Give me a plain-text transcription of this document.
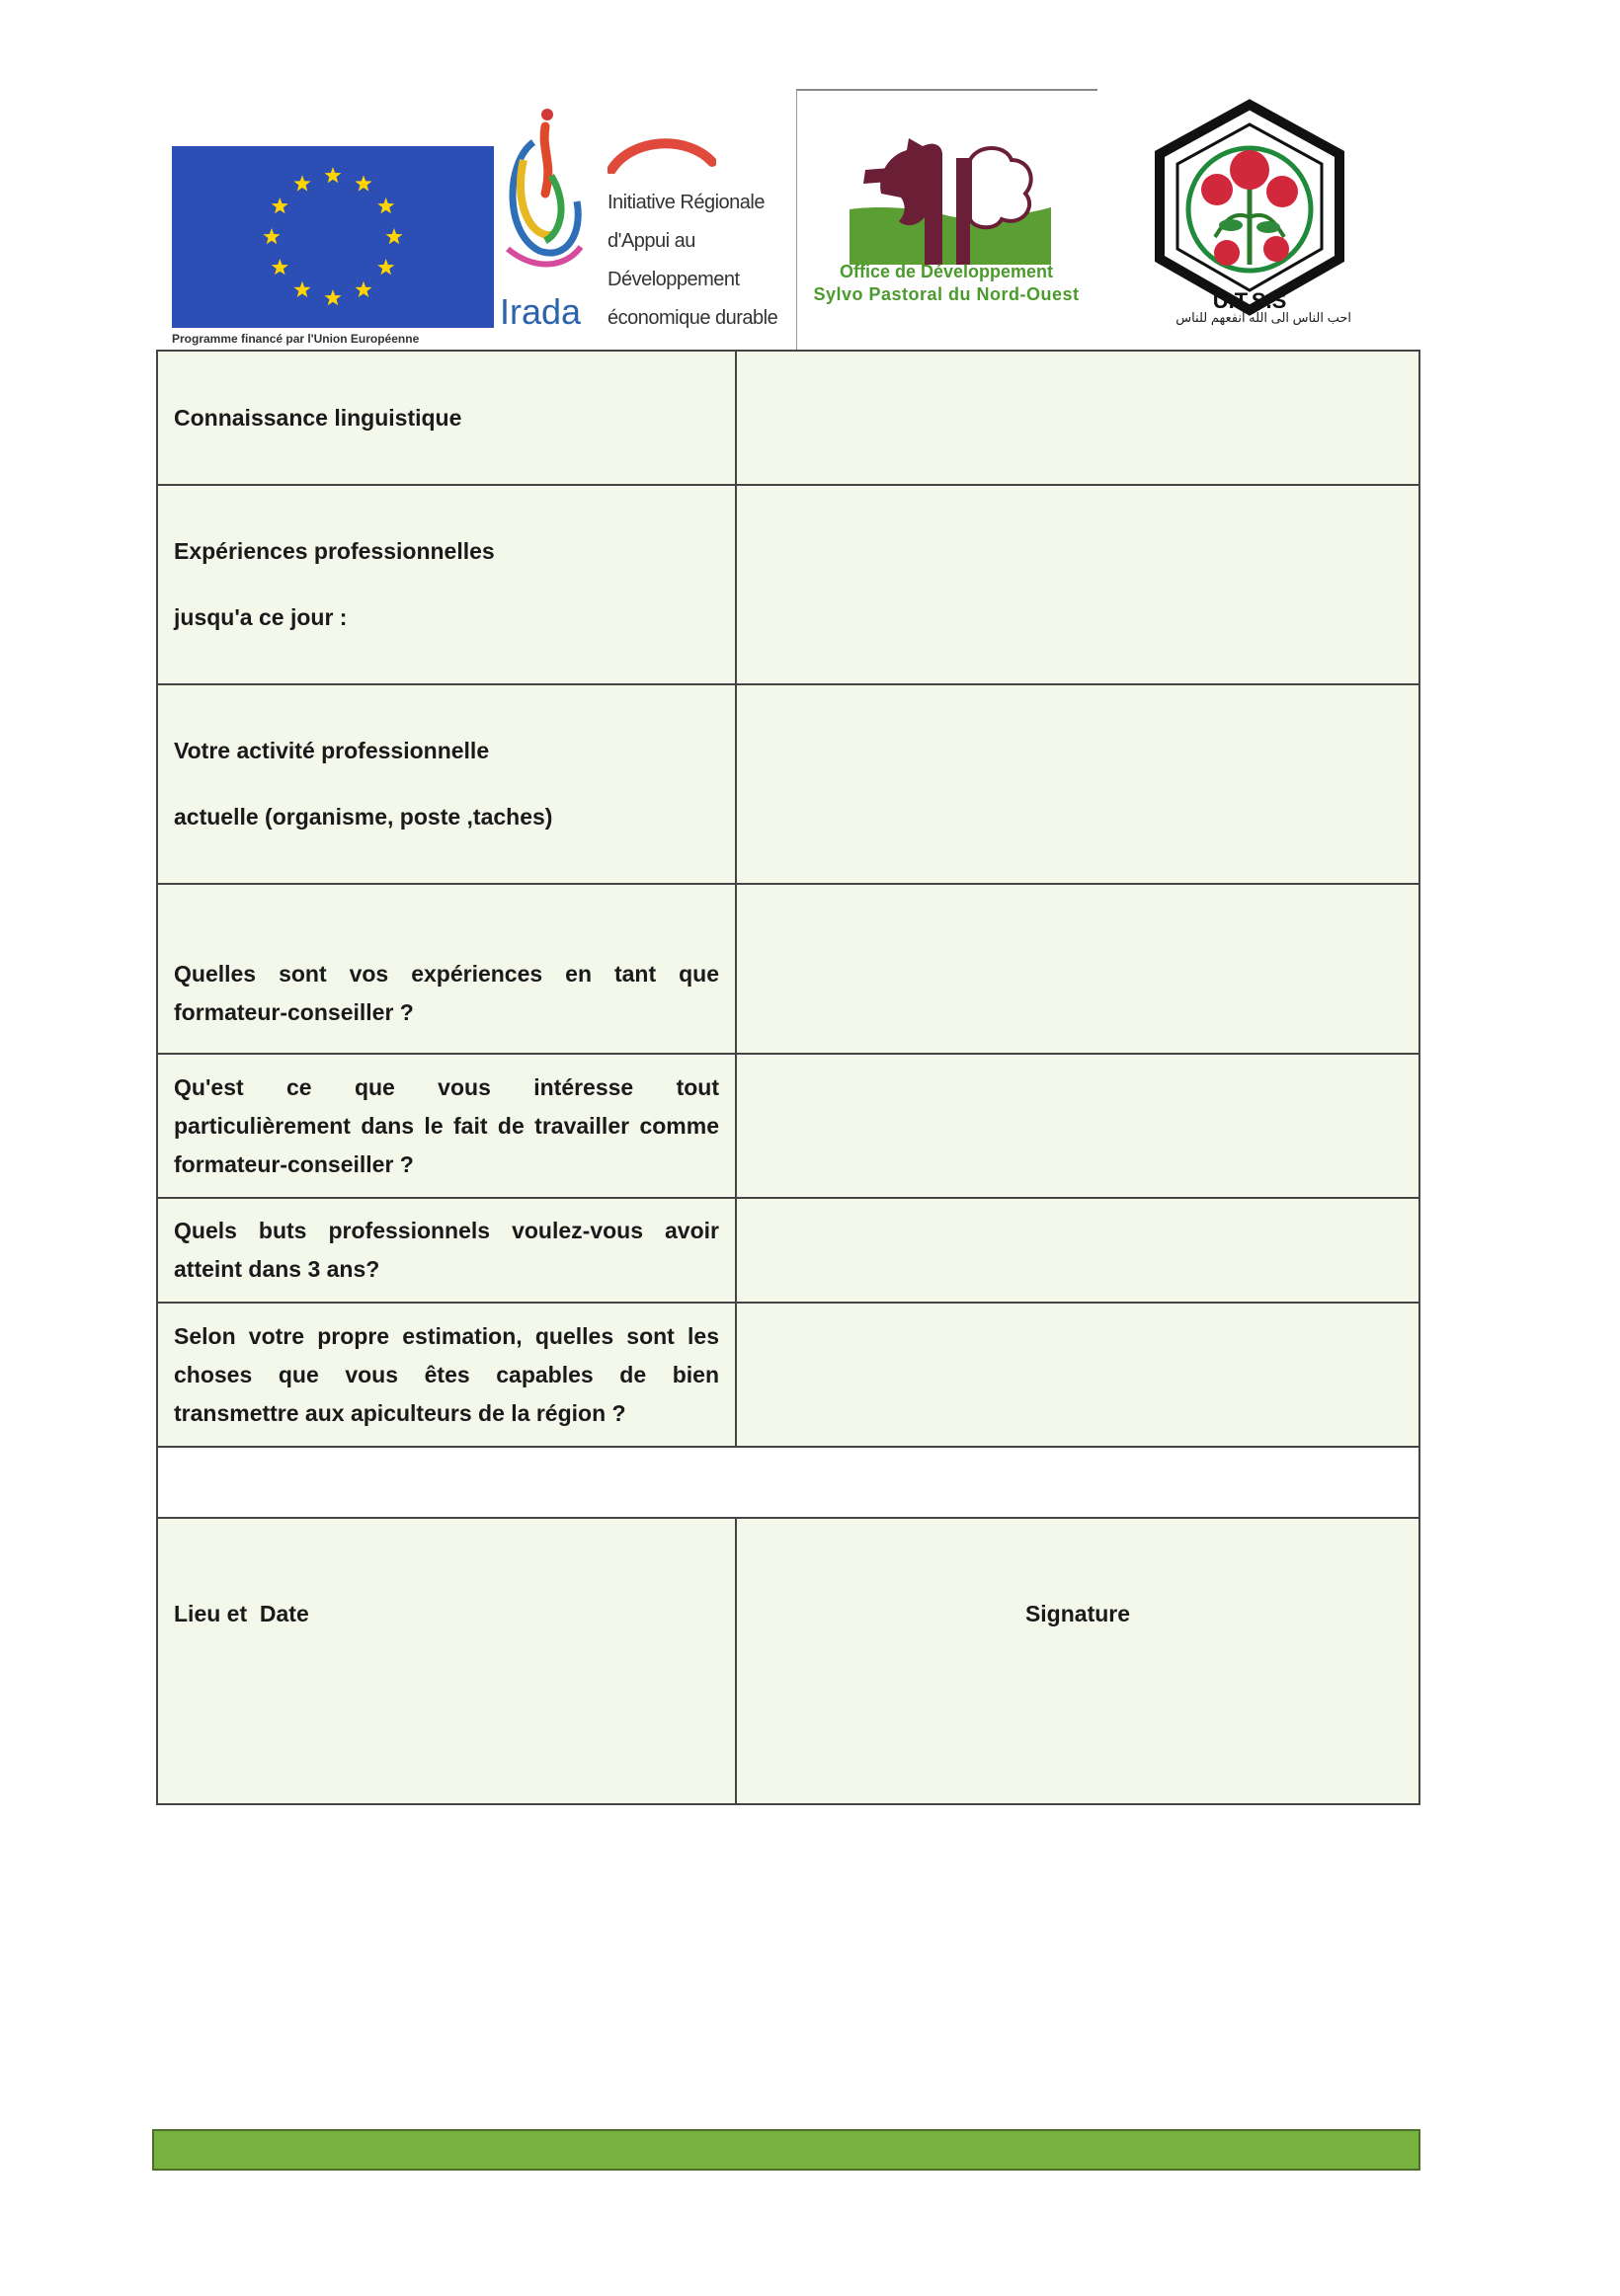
Programme financé par l'Union Européenne
Irada
Initiative Régionale
d'Appui au
Développement
économique durable
Office de Développement
Sylvo Pastoral du Nord-Ouest	U.T.S.S
احب الناس الى الله انفعهم للناس
Connaissance linguistique	

Expériences professionnelles
jusqu'a ce jour :	

Votre activité professionnelle
actuelle (organisme, poste ,taches)	

Quelles sont vos expériences en tant que formateur-conseiller ?	
Qu'est ce que vous intéresse tout particulièrement dans le fait de travailler comme formateur-conseiller ?	
Quels buts professionnels voulez-vous avoir atteint dans 3 ans?	
Selon votre propre estimation, quelles sont les choses que vous êtes capables de bien transmettre aux apiculteurs de la région ?	

Lieu et  Date	Signature
